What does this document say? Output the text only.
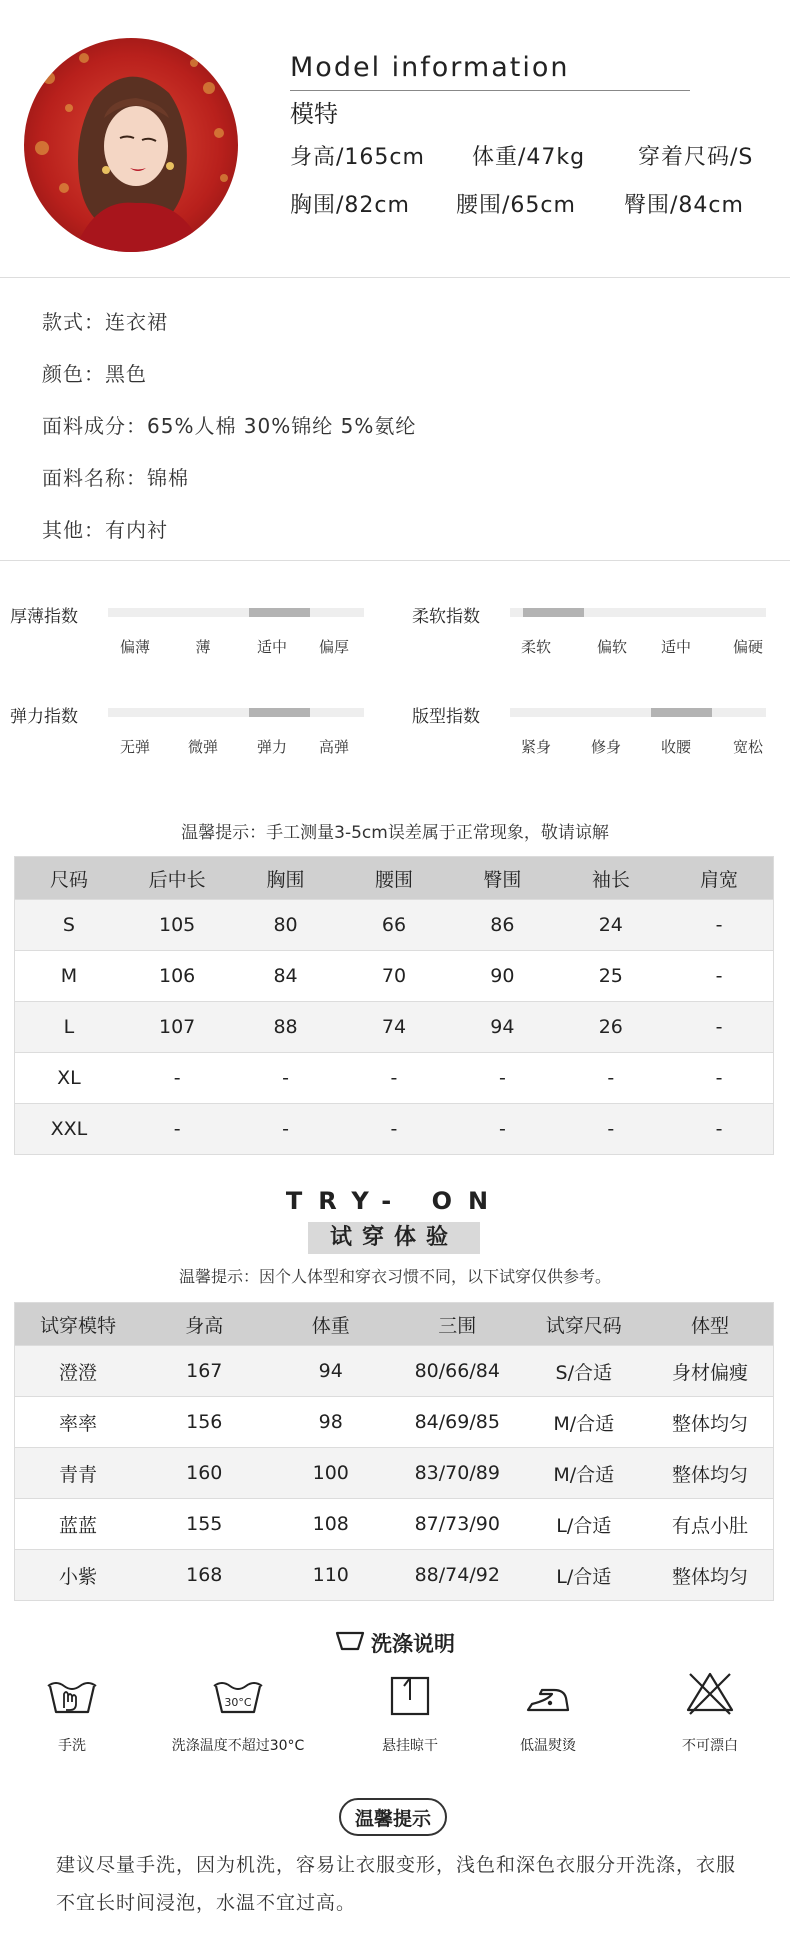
Model information
模特
身高/165cm 体重/47kg 穿着尺码/S
胸围/82cm 腰围/65cm 臀围/84cm
款式：连衣裙
颜色：黑色
面料成分：65%人棉 30%锦纶 5%氨纶
面料名称：锦棉
其他：有内衬
厚薄指数
偏薄	薄	适中	偏厚
柔软指数
柔软	偏软	适中	偏硬
弹力指数
无弹	微弹	弹力	高弹
版型指数
紧身	修身	收腰	宽松
温馨提示：手工测量3-5cm误差属于正常现象，敬请谅解
尺码	后中长	胸围	腰围	臀围	袖长	肩宽
S	105	80	66	86	24	-
M	106	84	70	90	25	-
L	107	88	74	94	26	-
XL	-	-	-	-	-	-
XXL	-	-	-	-	-	-
TRY- ON
试穿体验
温馨提示：因个人体型和穿衣习惯不同，以下试穿仅供参考。
试穿模特	身高	体重	三围	试穿尺码	体型
澄澄	167	94	80/66/84	S/合适	身材偏瘦
率率	156	98	84/69/85	M/合适	整体均匀
青青	160	100	83/70/89	M/合适	整体均匀
蓝蓝	155	108	87/73/90	L/合适	有点小肚
小紫	168	110	88/74/92	L/合适	整体均匀
洗涤说明
30°C
手洗	洗涤温度不超过30°C	悬挂晾干	低温熨烫	不可漂白
温馨提示
建议尽量手洗，因为机洗，容易让衣服变形，浅色和深色衣服分开洗涤，衣服不宜长时间浸泡，水温不宜过高。
